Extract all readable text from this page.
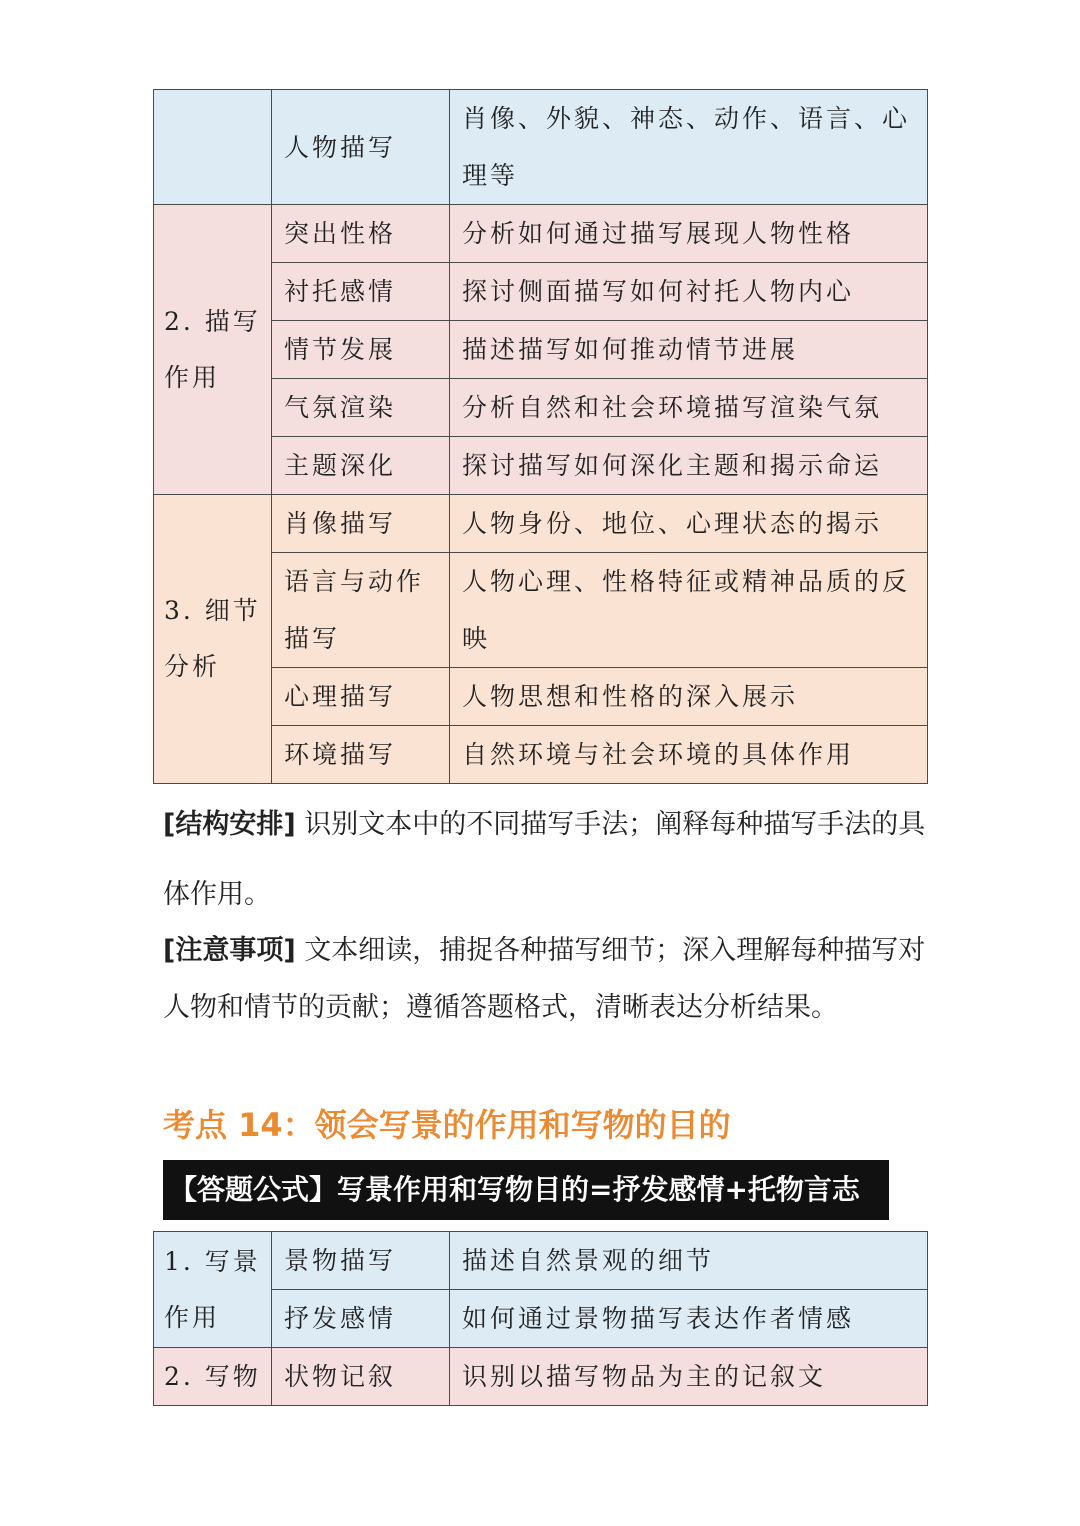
	人物描写	肖像、外貌、神态、动作、语言、心理等
2. 描写作用	突出性格	分析如何通过描写展现人物性格
	衬托感情	探讨侧面描写如何衬托人物内心
	情节发展	描述描写如何推动情节进展
	气氛渲染	分析自然和社会环境描写渲染气氛
	主题深化	探讨描写如何深化主题和揭示命运
3. 细节分析	肖像描写	人物身份、地位、心理状态的揭示
	语言与动作描写	人物心理、性格特征或精神品质的反映
	心理描写	人物思想和性格的深入展示
	环境描写	自然环境与社会环境的具体作用

[结构安排] 识别文本中的不同描写手法；阐释每种描写手法的具体作用。

[注意事项] 文本细读，捕捉各种描写细节；深入理解每种描写对人物和情节的贡献；遵循答题格式，清晰表达分析结果。

考点 14：领会写景的作用和写物的目的
【答题公式】写景作用和写物目的=抒发感情+托物言志
1. 写景作用	景物描写	描述自然景观的细节
	抒发感情	如何通过景物描写表达作者情感
2. 写物	状物记叙	识别以描写物品为主的记叙文
